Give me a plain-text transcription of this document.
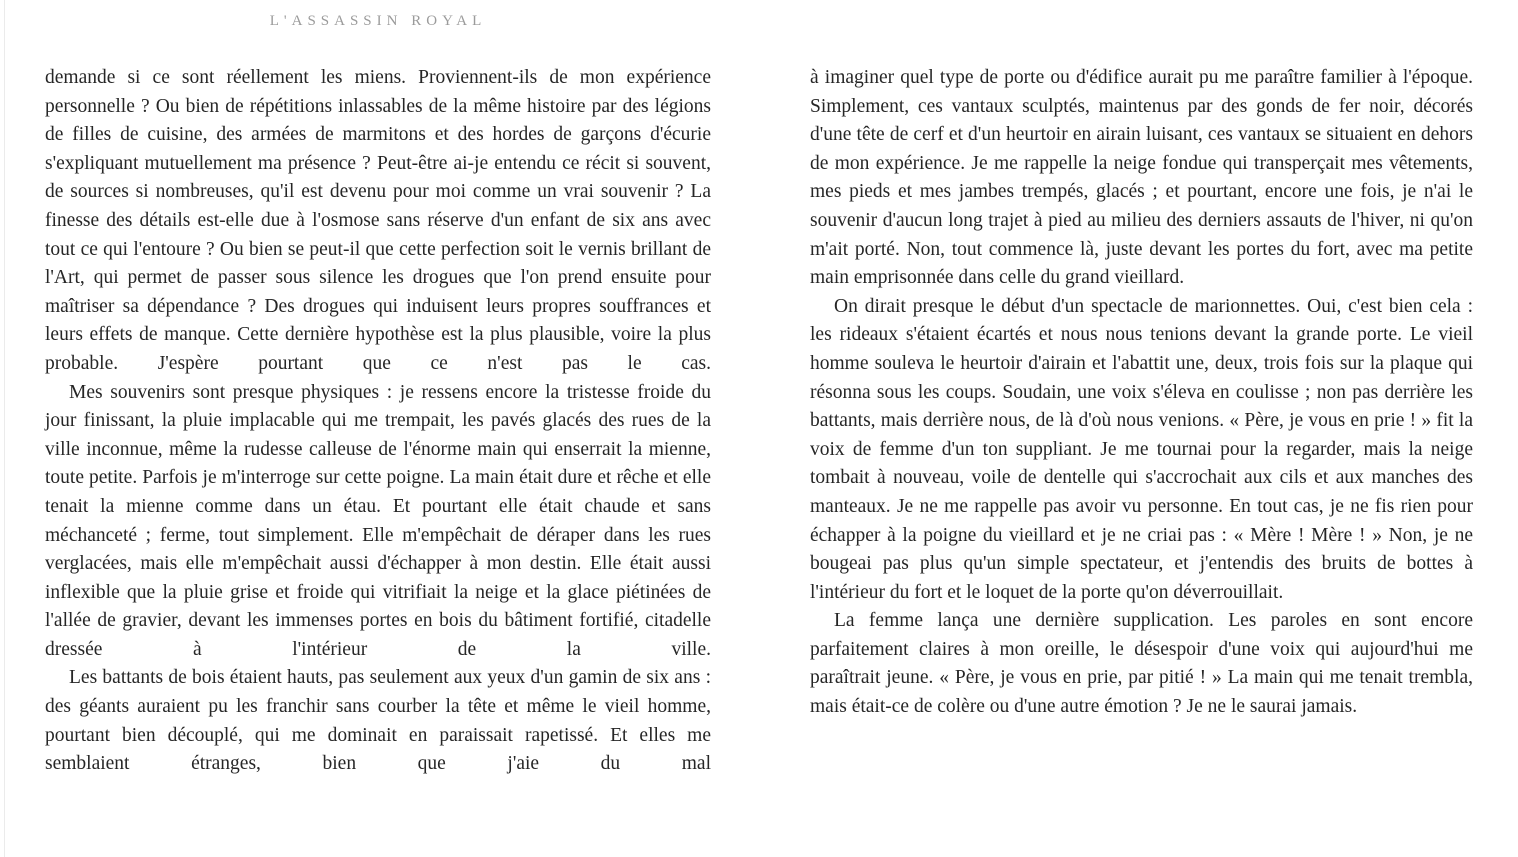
L'ASSASSIN ROYAL

demande si ce sont réellement les miens. Proviennent-ils de mon expérience personnelle ? Ou bien de répétitions inlassables de la même histoire par des légions de filles de cuisine, des armées de marmitons et des hordes de garçons d'écurie s'expliquant mutuellement ma présence ? Peut-être ai-je entendu ce récit si souvent, de sources si nombreuses, qu'il est devenu pour moi comme un vrai souvenir ? La finesse des détails est-elle due à l'osmose sans réserve d'un enfant de six ans avec tout ce qui l'entoure ? Ou bien se peut-il que cette perfection soit le vernis brillant de l'Art, qui permet de passer sous silence les drogues que l'on prend ensuite pour maîtriser sa dépendance ? Des drogues qui induisent leurs propres souffrances et leurs effets de manque. Cette dernière hypothèse est la plus plausible, voire la plus probable. J'espère pourtant que ce n'est pas le cas.

Mes souvenirs sont presque physiques : je ressens encore la tristesse froide du jour finissant, la pluie implacable qui me trempait, les pavés glacés des rues de la ville inconnue, même la rudesse calleuse de l'énorme main qui enserrait la mienne, toute petite. Parfois je m'interroge sur cette poigne. La main était dure et rêche et elle tenait la mienne comme dans un étau. Et pourtant elle était chaude et sans méchanceté ; ferme, tout simplement. Elle m'empêchait de déraper dans les rues verglacées, mais elle m'empêchait aussi d'échapper à mon destin. Elle était aussi inflexible que la pluie grise et froide qui vitrifiait la neige et la glace piétinées de l'allée de gravier, devant les immenses portes en bois du bâtiment fortifié, citadelle dressée à l'intérieur de la ville.

Les battants de bois étaient hauts, pas seulement aux yeux d'un gamin de six ans : des géants auraient pu les franchir sans courber la tête et même le vieil homme, pourtant bien découplé, qui me dominait en paraissait rapetissé. Et elles me semblaient étranges, bien que j'aie du mal

à imaginer quel type de porte ou d'édifice aurait pu me paraître familier à l'époque. Simplement, ces vantaux sculptés, maintenus par des gonds de fer noir, décorés d'une tête de cerf et d'un heurtoir en airain luisant, ces vantaux se situaient en dehors de mon expérience. Je me rappelle la neige fondue qui transperçait mes vêtements, mes pieds et mes jambes trempés, glacés ; et pourtant, encore une fois, je n'ai le souvenir d'aucun long trajet à pied au milieu des derniers assauts de l'hiver, ni qu'on m'ait porté. Non, tout commence là, juste devant les portes du fort, avec ma petite main emprisonnée dans celle du grand vieillard.

On dirait presque le début d'un spectacle de marionnettes. Oui, c'est bien cela : les rideaux s'étaient écartés et nous nous tenions devant la grande porte. Le vieil homme souleva le heurtoir d'airain et l'abattit une, deux, trois fois sur la plaque qui résonna sous les coups. Soudain, une voix s'éleva en coulisse ; non pas derrière les battants, mais derrière nous, de là d'où nous venions. « Père, je vous en prie ! » fit la voix de femme d'un ton suppliant. Je me tournai pour la regarder, mais la neige tombait à nouveau, voile de dentelle qui s'accrochait aux cils et aux manches des manteaux. Je ne me rappelle pas avoir vu personne. En tout cas, je ne fis rien pour échapper à la poigne du vieillard et je ne criai pas : « Mère ! Mère ! » Non, je ne bougeai pas plus qu'un simple spectateur, et j'entendis des bruits de bottes à l'intérieur du fort et le loquet de la porte qu'on déverrouillait.

La femme lança une dernière supplication. Les paroles en sont encore parfaitement claires à mon oreille, le désespoir d'une voix qui aujourd'hui me paraîtrait jeune. « Père, je vous en prie, par pitié ! » La main qui me tenait trembla, mais était-ce de colère ou d'une autre émotion ? Je ne le saurai jamais.
